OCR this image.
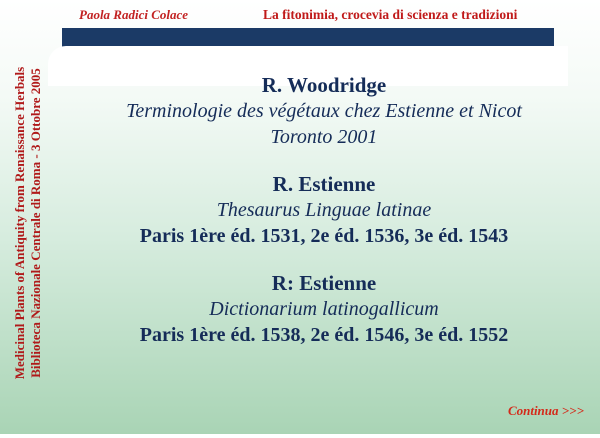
Paola Radici Colace	La fitonimia, crocevia di scienza e tradizioni

Medicinal Plants of Antiquity from Renaissance Herbals Biblioteca Nazionale Centrale di Roma - 3 Ottobre 2005	R. Woodridge
Terminologie des végétaux chez Estienne et Nicot
Toronto 2001
R. Estienne
Thesaurus Linguae latinae
Paris 1ère éd. 1531, 2e éd. 1536, 3e éd. 1543
R: Estienne
Dictionarium latinogallicum
Paris 1ère éd. 1538, 2e éd. 1546, 3e éd. 1552

Continua >>>
